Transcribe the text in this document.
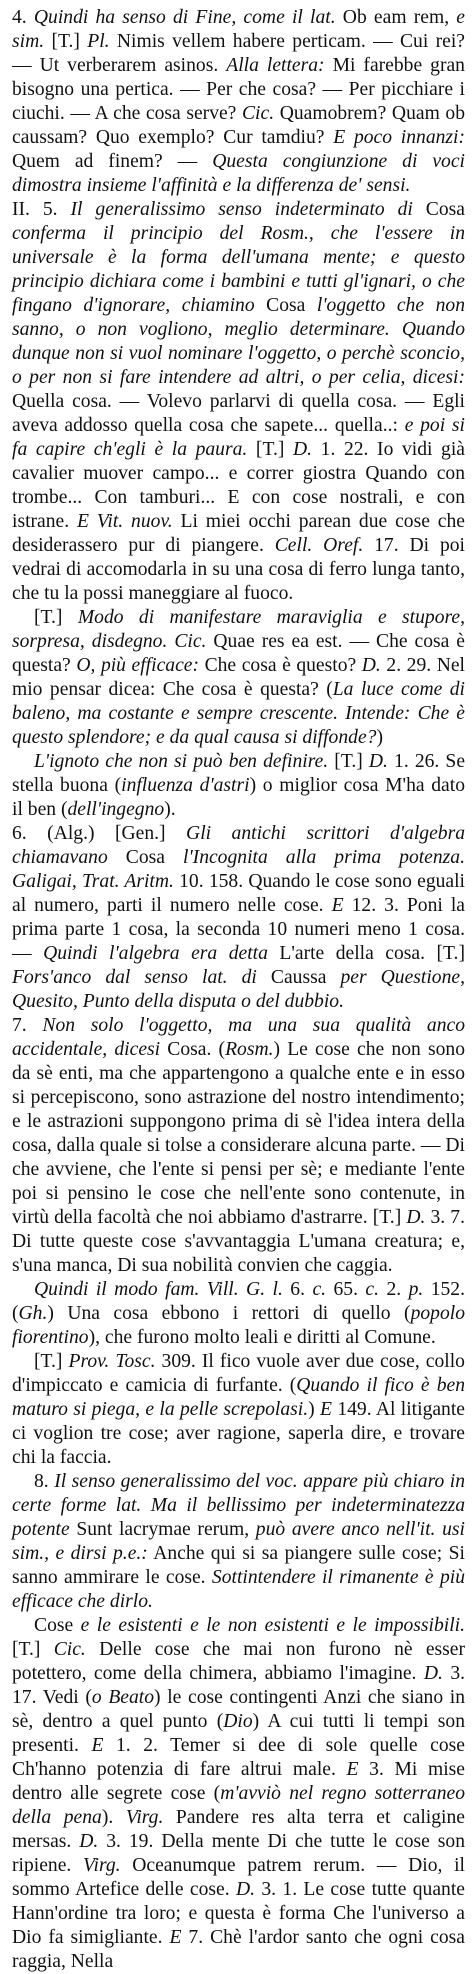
4. Quindi ha senso di Fine, come il lat. Ob eam rem, e sim. [T.] Pl. Nimis vellem habere perticam. — Cui rei? — Ut verberarem asinos. Alla lettera: Mi farebbe gran bisogno una pertica. — Per che cosa? — Per picchiare i ciuchi. — A che cosa serve? Cic. Quamobrem? Quam ob caussam? Quo exemplo? Cur tamdiu? E poco innanzi: Quem ad finem? — Questa congiunzione di voci dimostra insieme l'affinità e la differenza de' sensi.

II. 5. Il generalissimo senso indeterminato di Cosa conferma il principio del Rosm., che l'essere in universale è la forma dell'umana mente; e questo principio dichiara come i bambini e tutti gl'ignari, o che fingano d'ignorare, chiamino Cosa l'oggetto che non sanno, o non vogliono, meglio determinare. Quando dunque non si vuol nominare l'oggetto, o perchè sconcio, o per non si fare intendere ad altri, o per celia, dicesi: Quella cosa. — Volevo parlarvi di quella cosa. — Egli aveva addosso quella cosa che sapete... quella..: e poi si fa capire ch'egli è la paura. [T.] D. 1. 22. Io vidi già cavalier muover campo... e correr giostra Quando con trombe... Con tamburi... E con cose nostrali, e con istrane. E Vit. nuov. Li miei occhi parean due cose che desiderassero pur di piangere. Cell. Oref. 17. Di poi vedrai di accomodarla in su una cosa di ferro lunga tanto, che tu la possi maneggiare al fuoco.

[T.] Modo di manifestare maraviglia e stupore, sorpresa, disdegno. Cic. Quae res ea est. — Che cosa è questa? O, più efficace: Che cosa è questo? D. 2. 29. Nel mio pensar dicea: Che cosa è questa? (La luce come di baleno, ma costante e sempre crescente. Intende: Che è questo splendore; e da qual causa si diffonde?)

L'ignoto che non si può ben definire. [T.] D. 1. 26. Se stella buona (influenza d'astri) o miglior cosa M'ha dato il ben (dell'ingegno).

6. (Alg.) [Gen.] Gli antichi scrittori d'algebra chiamavano Cosa l'Incognita alla prima potenza. Galigai, Trat. Aritm. 10. 158. Quando le cose sono eguali al numero, parti il numero nelle cose. E 12. 3. Poni la prima parte 1 cosa, la seconda 10 numeri meno 1 cosa. — Quindi l'algebra era detta L'arte della cosa. [T.] Fors'anco dal senso lat. di Caussa per Questione, Quesito, Punto della disputa o del dubbio.

7. Non solo l'oggetto, ma una sua qualità anco accidentale, dicesi Cosa. (Rosm.) Le cose che non sono da sè enti, ma che appartengono a qualche ente e in esso si percepiscono, sono astrazione del nostro intendimento; e le astrazioni suppongono prima di sè l'idea intera della cosa, dalla quale si tolse a considerare alcuna parte. — Di che avviene, che l'ente si pensi per sè; e mediante l'ente poi si pensino le cose che nell'ente sono contenute, in virtù della facoltà che noi abbiamo d'astrarre. [T.] D. 3. 7. Di tutte queste cose s'avvantaggia L'umana creatura; e, s'una manca, Di sua nobilità convien che caggia.

Quindi il modo fam. Vill. G. l. 6. c. 65. c. 2. p. 152. (Gh.) Una cosa ebbono i rettori di quello (popolo fiorentino), che furono molto leali e diritti al Comune.

[T.] Prov. Tosc. 309. Il fico vuole aver due cose, collo d'impiccato e camicia di furfante. (Quando il fico è ben maturo si piega, e la pelle screpolasi.) E 149. Al litigante ci voglion tre cose; aver ragione, saperla dire, e trovare chi la faccia.

8. Il senso generalissimo del voc. appare più chiaro in certe forme lat. Ma il bellissimo per indeterminatezza potente Sunt lacrymae rerum, può avere anco nell'it. usi sim., e dirsi p.e.: Anche qui si sa piangere sulle cose; Si sanno ammirare le cose. Sottintendere il rimanente è più efficace che dirlo.

Cose e le esistenti e le non esistenti e le impossibili. [T.] Cic. Delle cose che mai non furono nè esser potettero, come della chimera, abbiamo l'imagine. D. 3. 17. Vedi (o Beato) le cose contingenti Anzi che siano in sè, dentro a quel punto (Dio) A cui tutti li tempi son presenti. E 1. 2. Temer si dee di sole quelle cose Ch'hanno potenzia di fare altrui male. E 3. Mi mise dentro alle segrete cose (m'avviò nel regno sotterraneo della pena). Virg. Pandere res alta terra et caligine mersas. D. 3. 19. Della mente Di che tutte le cose son ripiene. Virg. Oceanumque patrem rerum. — Dio, il sommo Artefice delle cose. D. 3. 1. Le cose tutte quante Hann'ordine tra loro; e questa è forma Che l'universo a Dio fa simigliante. E 7. Chè l'ardor santo che ogni cosa raggia, Nella
